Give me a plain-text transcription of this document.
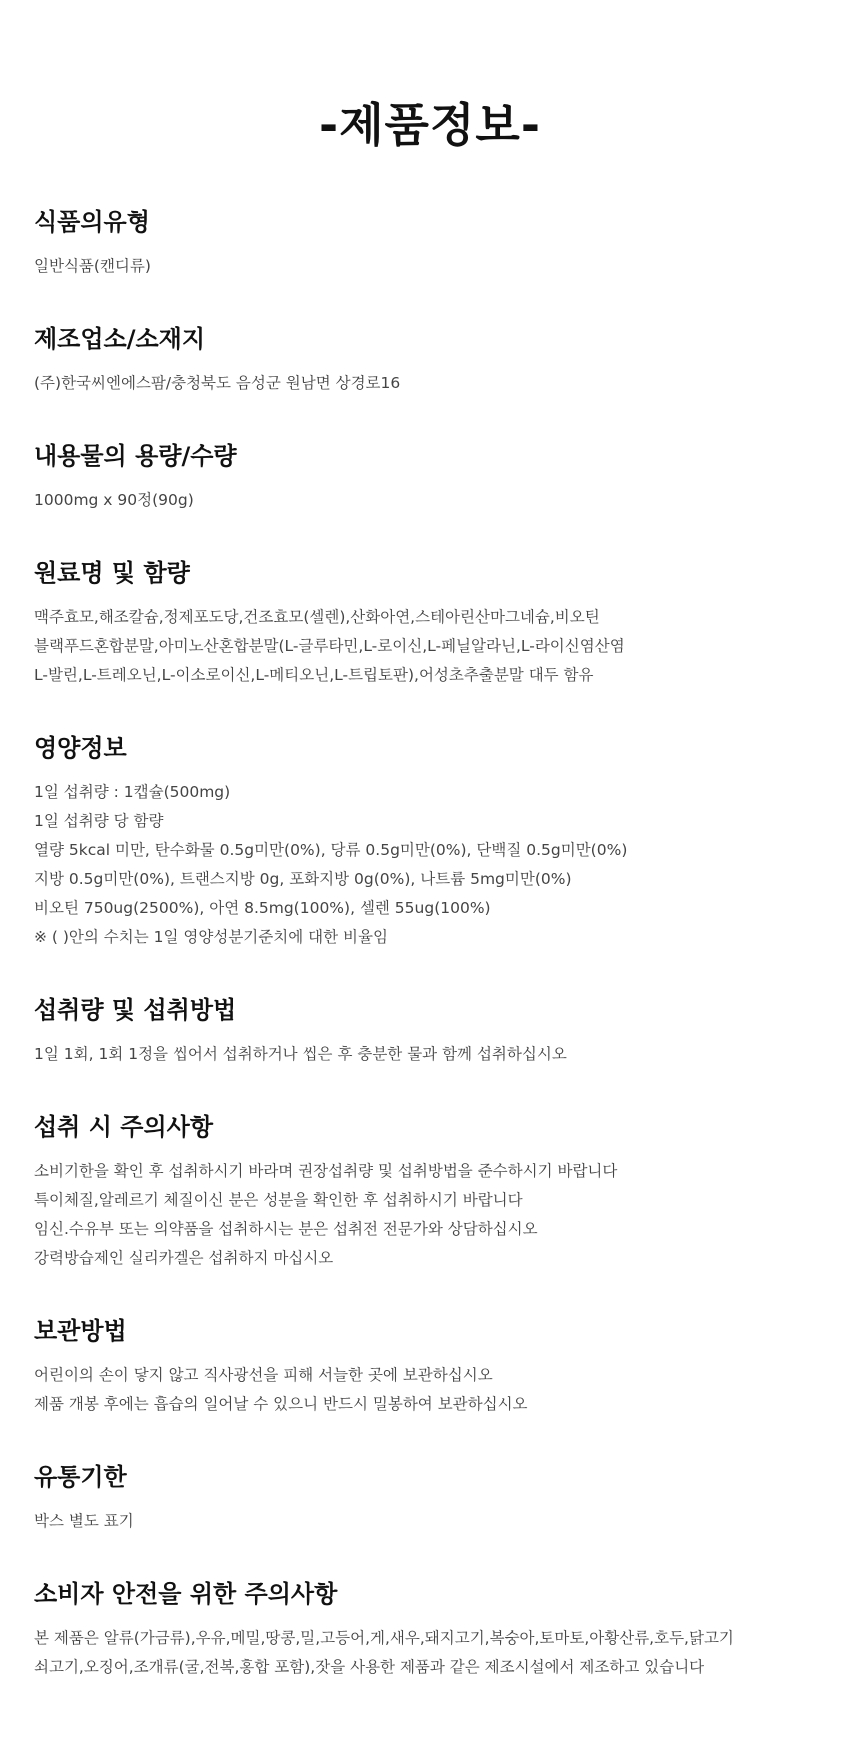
-제품정보-
식품의유형
일반식품(캔디류)
제조업소/소재지
(주)한국씨엔에스팜/충청북도 음성군 원남면 상경로16
내용물의 용량/수량
1000mg x 90정(90g)
원료명 및 함량
맥주효모,해조칼슘,정제포도당,건조효모(셀렌),산화아연,스테아린산마그네슘,비오틴
블랙푸드혼합분말,아미노산혼합분말(L-글루타민,L-로이신,L-페닐알라닌,L-라이신염산염
L-발린,L-트레오닌,L-이소로이신,L-메티오닌,L-트립토판),어성초추출분말 대두 함유
영양정보
1일 섭취량 : 1캡슐(500mg)
1일 섭취량 당 함량
열량 5kcal 미만, 탄수화물 0.5g미만(0%), 당류 0.5g미만(0%), 단백질 0.5g미만(0%)
지방 0.5g미만(0%), 트랜스지방 0g, 포화지방 0g(0%), 나트륨 5mg미만(0%)
비오틴 750ug(2500%), 아연 8.5mg(100%), 셀렌 55ug(100%)
※ ( )안의 수치는 1일 영양성분기준치에 대한 비율임
섭취량 및 섭취방법
1일 1회, 1회 1정을 씹어서 섭취하거나 씹은 후 충분한 물과 함께 섭취하십시오
섭취 시 주의사항
소비기한을 확인 후 섭취하시기 바라며 권장섭취량 및 섭취방법을 준수하시기 바랍니다
특이체질,알레르기 체질이신 분은 성분을 확인한 후 섭취하시기 바랍니다
임신.수유부 또는 의약품을 섭취하시는 분은 섭취전 전문가와 상담하십시오
강력방습제인 실리카겔은 섭취하지 마십시오
보관방법
어린이의 손이 닿지 않고 직사광선을 피해 서늘한 곳에 보관하십시오
제품 개봉 후에는 흡습의 일어날 수 있으니 반드시 밀봉하여 보관하십시오
유통기한
박스 별도 표기
소비자 안전을 위한 주의사항
본 제품은 알류(가금류),우유,메밀,땅콩,밀,고등어,게,새우,돼지고기,복숭아,토마토,아황산류,호두,닭고기
쇠고기,오징어,조개류(굴,전복,홍합 포함),잣을 사용한 제품과 같은 제조시설에서 제조하고 있습니다
